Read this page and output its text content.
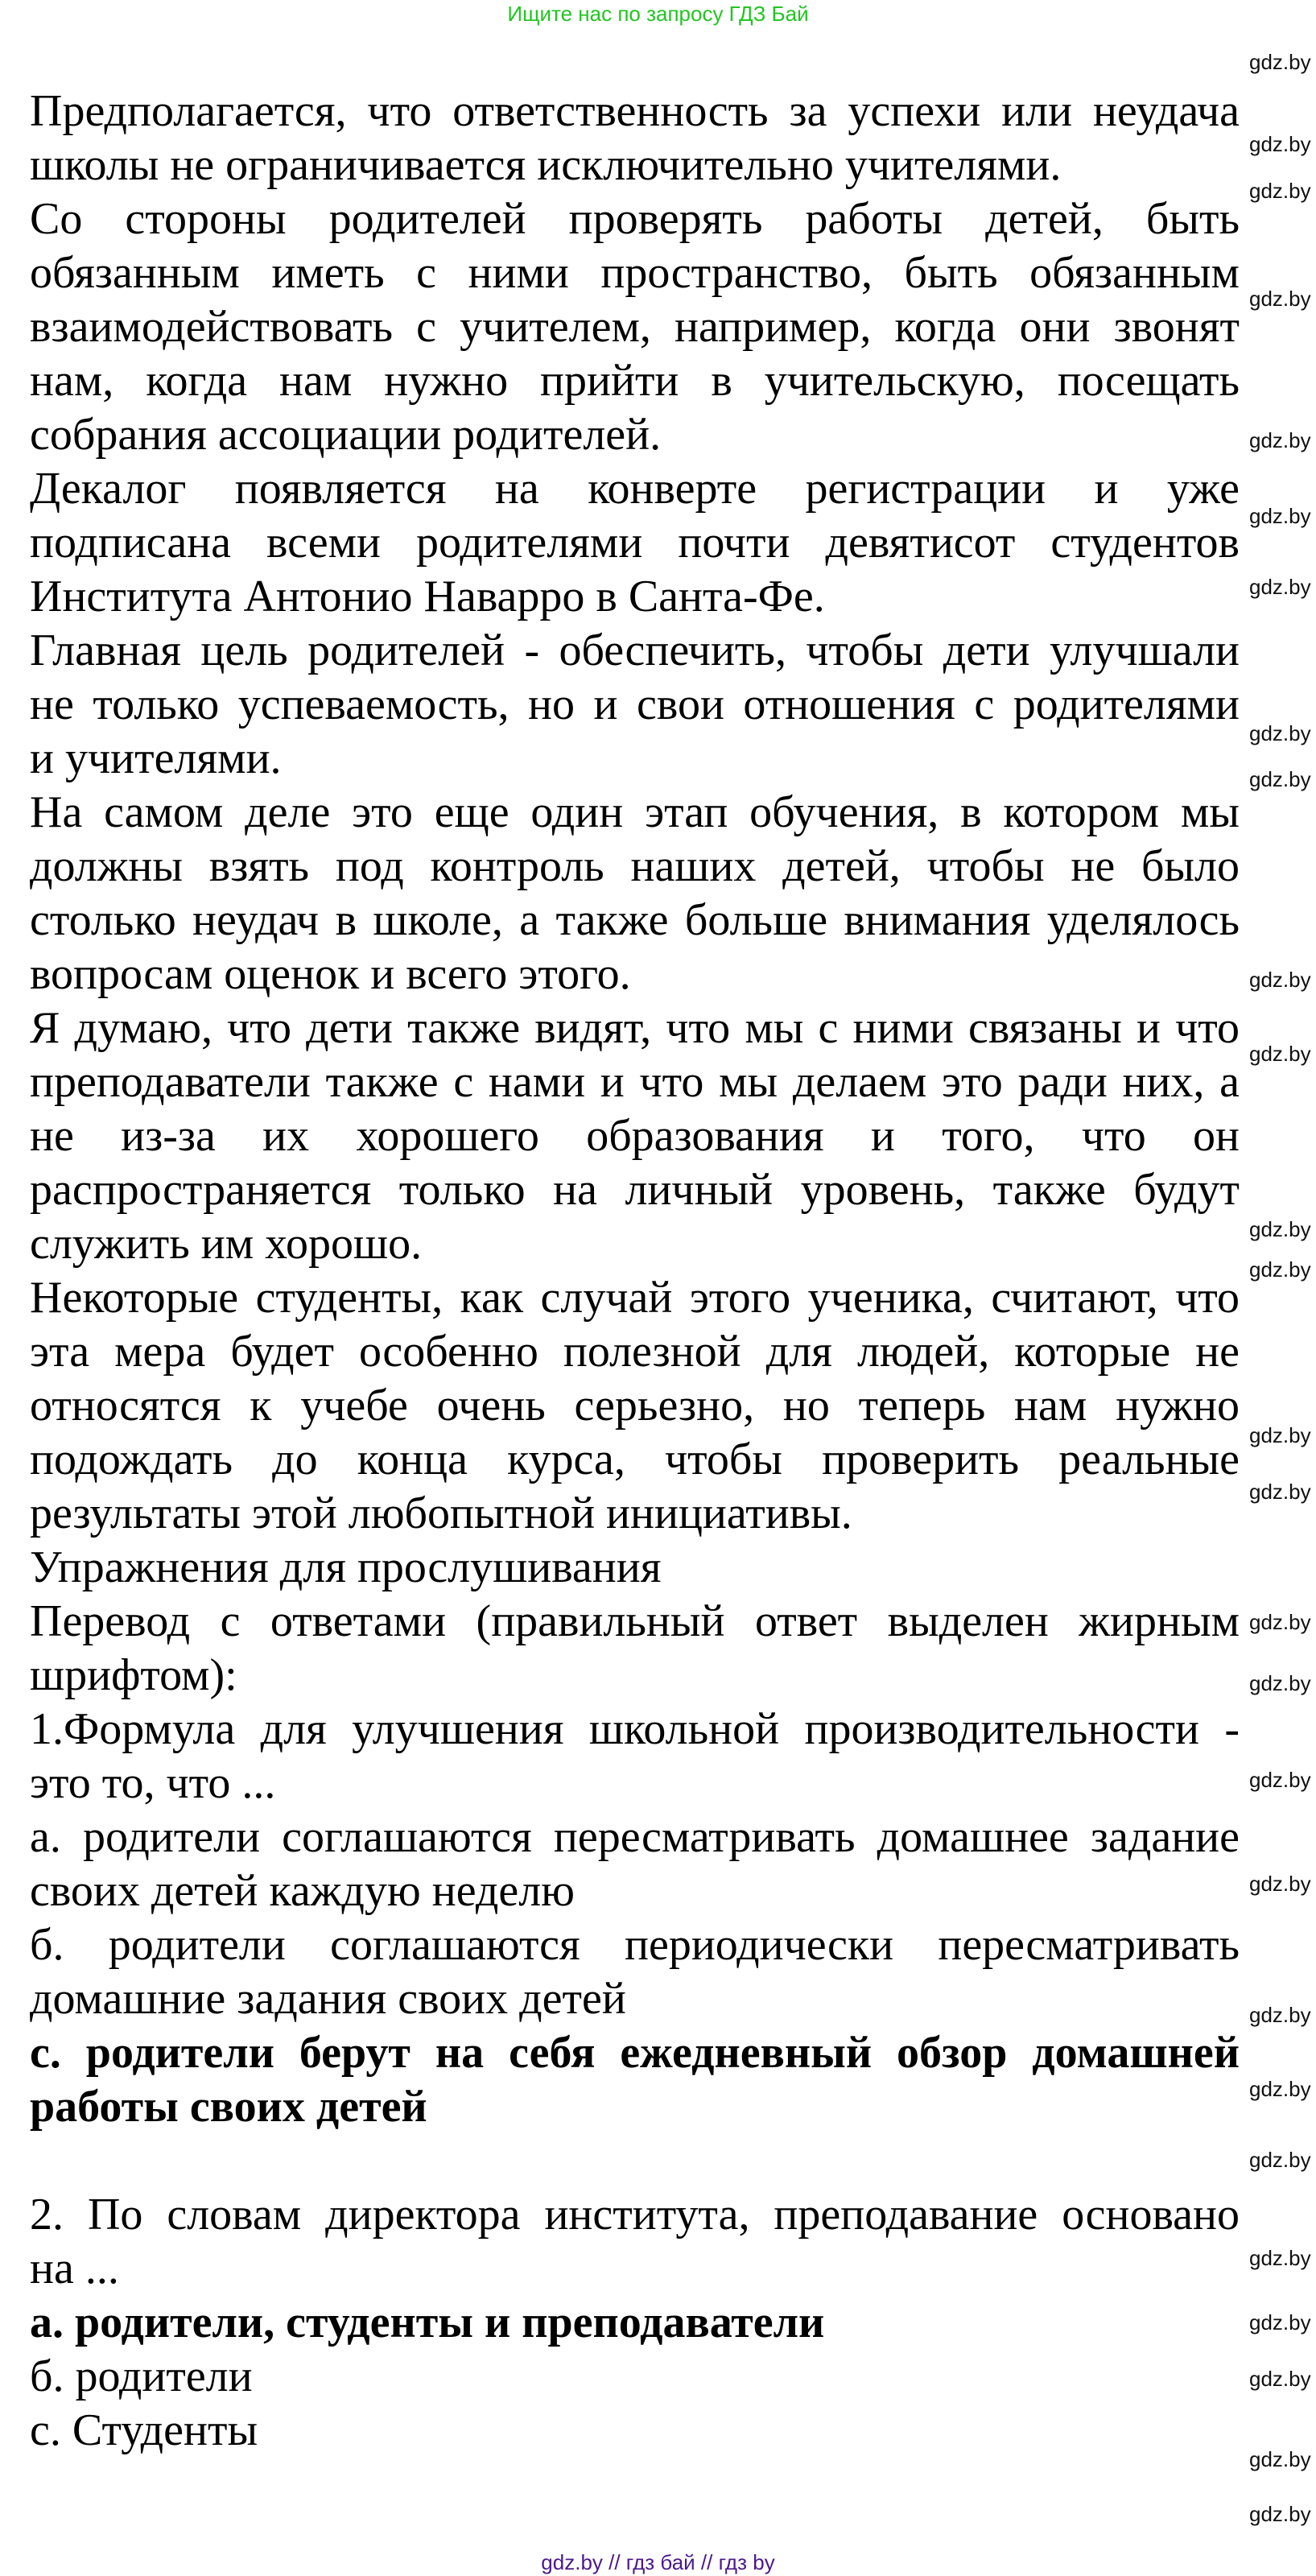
Ищите нас по запросу ГДЗ Бай
Предполагается, что ответственность за успехи или неудача
школы не ограничивается исключительно учителями.
Со стороны родителей проверять работы детей, быть
обязанным иметь с ними пространство, быть обязанным
взаимодействовать с учителем, например, когда они звонят
нам, когда нам нужно прийти в учительскую, посещать
собрания ассоциации родителей.
Декалог появляется на конверте регистрации и уже
подписана всеми родителями почти девятисот студентов
Института Антонио Наварро в Санта-Фе.
Главная цель родителей - обеспечить, чтобы дети улучшали
не только успеваемость, но и свои отношения с родителями
и учителями.
На самом деле это еще один этап обучения, в котором мы
должны взять под контроль наших детей, чтобы не было
столько неудач в школе, а также больше внимания уделялось
вопросам оценок и всего этого.
Я думаю, что дети также видят, что мы с ними связаны и что
преподаватели также с нами и что мы делаем это ради них, а
не из-за их хорошего образования и того, что он
распространяется только на личный уровень, также будут
служить им хорошо.
Некоторые студенты, как случай этого ученика, считают, что
эта мера будет особенно полезной для людей, которые не
относятся к учебе очень серьезно, но теперь нам нужно
подождать до конца курса, чтобы проверить реальные
результаты этой любопытной инициативы.
Упражнения для прослушивания
Перевод с ответами (правильный ответ выделен жирным
шрифтом):
1.Формула для улучшения школьной производительности -
это то, что ...
а. родители соглашаются пересматривать домашнее задание
своих детей каждую неделю
б. родители соглашаются периодически пересматривать
домашние задания своих детей
с. родители берут на себя ежедневный обзор домашней
работы своих детей
2. По словам директора института, преподавание основано
на ...
а. родители, студенты и преподаватели
б. родители
с. Студенты
gdz.by
gdz.by
gdz.by
gdz.by
gdz.by
gdz.by
gdz.by
gdz.by
gdz.by
gdz.by
gdz.by
gdz.by
gdz.by
gdz.by
gdz.by
gdz.by
gdz.by
gdz.by
gdz.by
gdz.by
gdz.by
gdz.by
gdz.by
gdz.by
gdz.by
gdz.by
gdz.by
gdz.by // гдз бай // гдз by
